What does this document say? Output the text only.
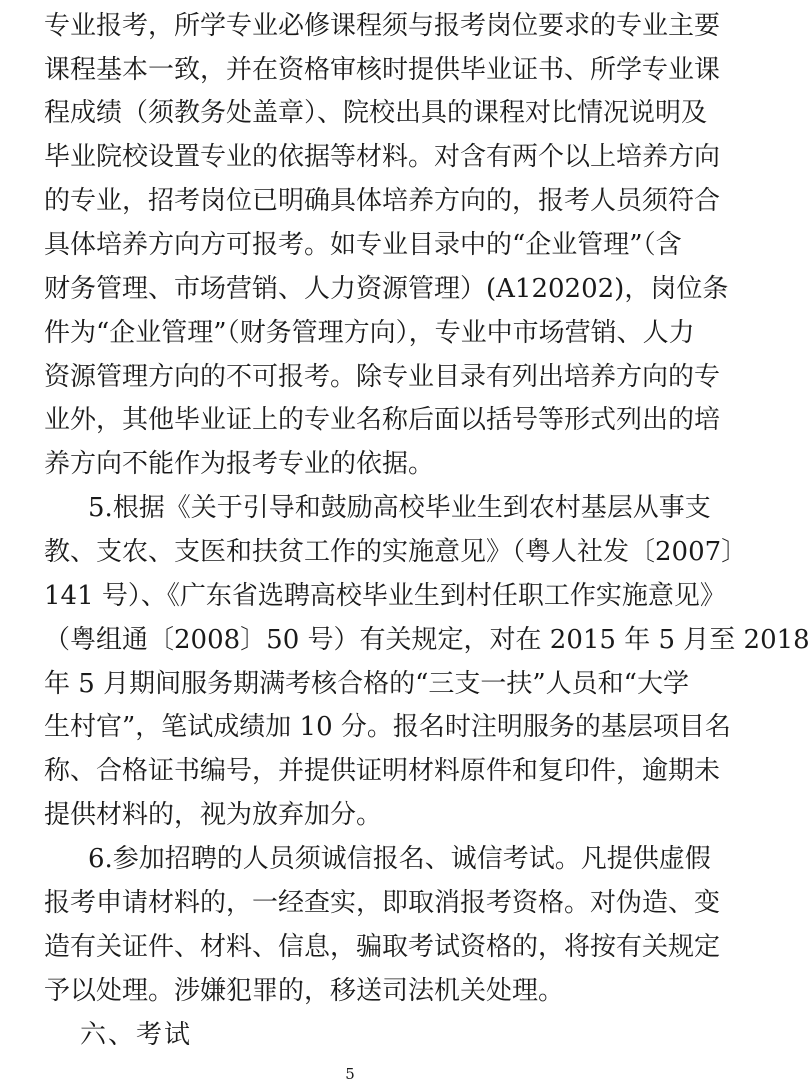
专业报考，所学专业必修课程须与报考岗位要求的专业主要
课程基本一致，并在资格审核时提供毕业证书、所学专业课
程成绩（须教务处盖章）、院校出具的课程对比情况说明及
毕业院校设置专业的依据等材料。对含有两个以上培养方向
的专业，招考岗位已明确具体培养方向的，报考人员须符合
具体培养方向方可报考。如专业目录中的“企业管理”（含
财务管理、市场营销、人力资源管理）(A120202)，岗位条
件为“企业管理”（财务管理方向），专业中市场营销、人力
资源管理方向的不可报考。除专业目录有列出培养方向的专
业外，其他毕业证上的专业名称后面以括号等形式列出的培
养方向不能作为报考专业的依据。
5.根据《关于引导和鼓励高校毕业生到农村基层从事支
教、支农、支医和扶贫工作的实施意见》（粤人社发〔2007〕
141 号）、《广东省选聘高校毕业生到村任职工作实施意见》
（粤组通〔2008〕50 号）有关规定，对在 2015 年 5 月至 2018
年 5 月期间服务期满考核合格的“三支一扶”人员和“大学
生村官”，笔试成绩加 10 分。报名时注明服务的基层项目名
称、合格证书编号，并提供证明材料原件和复印件，逾期未
提供材料的，视为放弃加分。
6.参加招聘的人员须诚信报名、诚信考试。凡提供虚假
报考申请材料的，一经查实，即取消报考资格。对伪造、变
造有关证件、材料、信息，骗取考试资格的，将按有关规定
予以处理。涉嫌犯罪的，移送司法机关处理。
六、考试
5
